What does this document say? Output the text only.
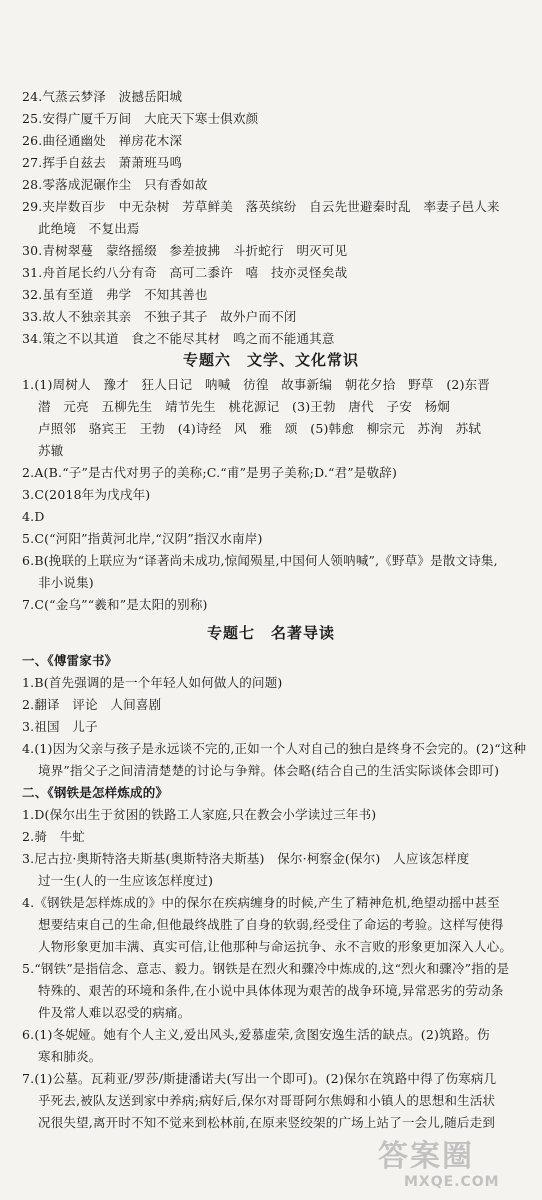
24.气蒸云梦泽　波撼岳阳城
25.安得广厦千万间　大庇天下寒士俱欢颜
26.曲径通幽处　禅房花木深
27.挥手自兹去　萧萧班马鸣
28.零落成泥碾作尘　只有香如故
29.夹岸数百步　中无杂树　芳草鲜美　落英缤纷　自云先世避秦时乱　率妻子邑人来
此绝境　不复出焉
30.青树翠蔓　蒙络摇缀　参差披拂　斗折蛇行　明灭可见
31.舟首尾长约八分有奇　高可二黍许　嘻　技亦灵怪矣哉
32.虽有至道　弗学　不知其善也
33.故人不独亲其亲　不独子其子　故外户而不闭
34.策之不以其道　食之不能尽其材　鸣之而不能通其意
专题六　文学、文化常识
1.(1)周树人　豫才　狂人日记　呐喊　彷徨　故事新编　朝花夕拾　野草　(2)东晋
潜　元亮　五柳先生　靖节先生　桃花源记　(3)王勃　唐代　子安　杨炯
卢照邻　骆宾王　王勃　(4)诗经　风　雅　颂　(5)韩愈　柳宗元　苏洵　苏轼
苏辙
2.A(B.“子”是古代对男子的美称;C.“甫”是男子美称;D.“君”是敬辞)
3.C(2018年为戊戌年)
4.D
5.C(“河阳”指黄河北岸,“汉阴”指汉水南岸)
6.B(挽联的上联应为“译著尚未成功,惊闻殒星,中国何人领呐喊”,《野草》是散文诗集,
非小说集)
7.C(“金乌”“羲和”是太阳的别称)
专题七　名著导读
一、《傅雷家书》
1.B(首先强调的是一个年轻人如何做人的问题)
2.翻译　评论　人间喜剧
3.祖国　儿子
4.(1)因为父亲与孩子是永远谈不完的,正如一个人对自己的独白是终身不会完的。(2)“这种
境界”指父子之间清清楚楚的讨论与争辩。体会略(结合自己的生活实际谈体会即可)
二、《钢铁是怎样炼成的》
1.D(保尔出生于贫困的铁路工人家庭,只在教会小学读过三年书)
2.骑　牛虻
3.尼古拉·奥斯特洛夫斯基(奥斯特洛夫斯基)　保尔·柯察金(保尔)　人应该怎样度
过一生(人的一生应该怎样度过)
4.《钢铁是怎样炼成的》中的保尔在疾病缠身的时候,产生了精神危机,绝望动摇中甚至
想要结束自己的生命,但他最终战胜了自身的软弱,经受住了命运的考验。这样写使得
人物形象更加丰满、真实可信,让他那种与命运抗争、永不言败的形象更加深入人心。
5.“钢铁”是指信念、意志、毅力。钢铁是在烈火和骤冷中炼成的,这“烈火和骤冷”指的是
特殊的、艰苦的环境和条件,在小说中具体体现为艰苦的战争环境,异常恶劣的劳动条
件及常人难以忍受的病痛。
6.(1)冬妮娅。她有个人主义,爱出风头,爱慕虚荣,贪图安逸生活的缺点。(2)筑路。伤
寒和肺炎。
7.(1)公墓。瓦莉亚/罗莎/斯捷潘诺夫(写出一个即可)。(2)保尔在筑路中得了伤寒病几
乎死去,被队友送到家中养病;病好后,保尔对哥哥阿尔焦姆和小镇人的思想和生活状
况很失望,离开时不知不觉来到松林前,在原来竖绞架的广场上站了一会儿,随后走到
答案圈
MXQE.COM
